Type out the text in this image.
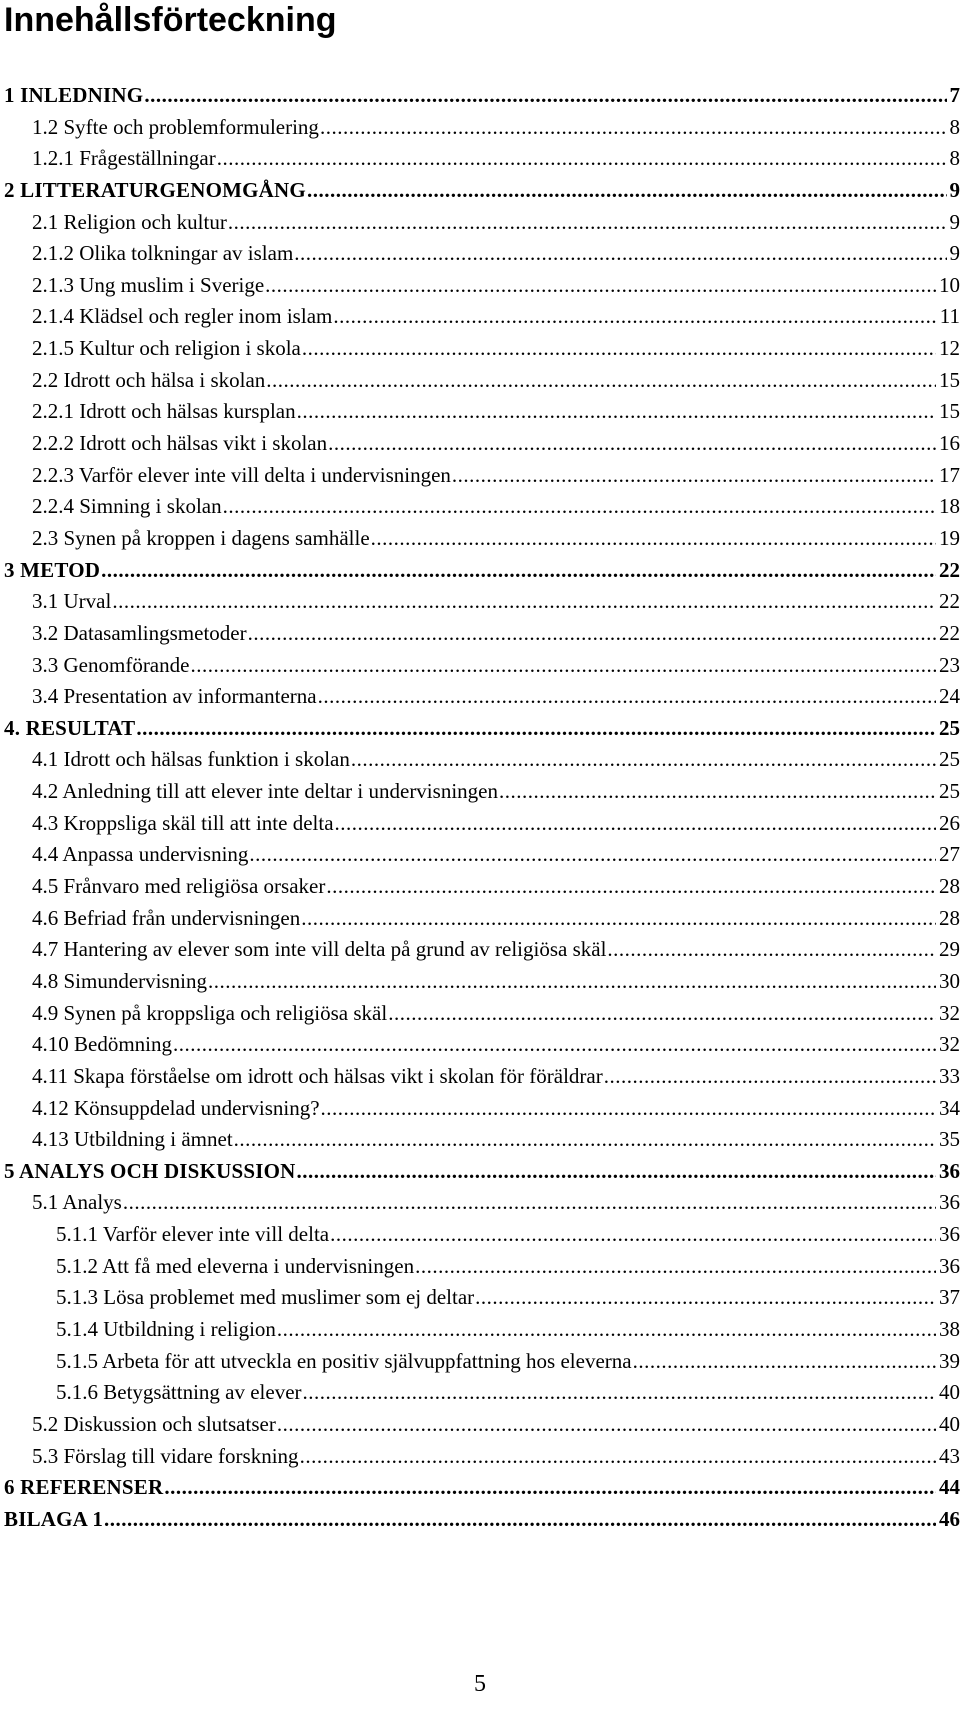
Innehållsförteckning
1 INLEDNING .....	7
1.2 Syfte och problemformulering .....	8
1.2.1 Frågeställningar .....	8
2 LITTERATURGENOMGÅNG .....	9
2.1 Religion och kultur .....	9
2.1.2 Olika tolkningar av islam .....	9
2.1.3 Ung muslim i Sverige .....	10
2.1.4 Klädsel och regler inom islam .....	11
2.1.5 Kultur och religion i skola .....	12
2.2 Idrott och hälsa i skolan .....	15
2.2.1 Idrott och hälsas kursplan .....	15
2.2.2 Idrott och hälsas vikt i skolan .....	16
2.2.3 Varför elever inte vill delta i undervisningen .....	17
2.2.4 Simning i skolan .....	18
2.3 Synen på kroppen i dagens samhälle .....	19
3 METOD .....	22
3.1 Urval .....	22
3.2 Datasamlingsmetoder .....	22
3.3 Genomförande .....	23
3.4 Presentation av informanterna .....	24
4. RESULTAT .....	25
4.1 Idrott och hälsas funktion i skolan .....	25
4.2 Anledning till att elever inte deltar i undervisningen .....	25
4.3 Kroppsliga skäl till att inte delta .....	26
4.4 Anpassa undervisning .....	27
4.5 Frånvaro med religiösa orsaker .....	28
4.6 Befriad från undervisningen .....	28
4.7 Hantering av elever som inte vill delta på grund av religiösa skäl .....	29
4.8 Simundervisning .....	30
4.9 Synen på kroppsliga och religiösa skäl .....	32
4.10 Bedömning .....	32
4.11 Skapa förståelse om idrott och hälsas vikt i skolan för föräldrar .....	33
4.12 Könsuppdelad undervisning? .....	34
4.13 Utbildning i ämnet .....	35
5 ANALYS OCH DISKUSSION .....	36
5.1 Analys .....	36
5.1.1 Varför elever inte vill delta .....	36
5.1.2 Att få med eleverna i undervisningen .....	36
5.1.3 Lösa problemet med muslimer som ej deltar .....	37
5.1.4 Utbildning i religion .....	38
5.1.5 Arbeta för att utveckla en positiv självuppfattning hos eleverna .....	39
5.1.6 Betygsättning av elever .....	40
5.2 Diskussion och slutsatser .....	40
5.3 Förslag till vidare forskning .....	43
6 REFERENSER .....	44
BILAGA 1 .....	46
5
